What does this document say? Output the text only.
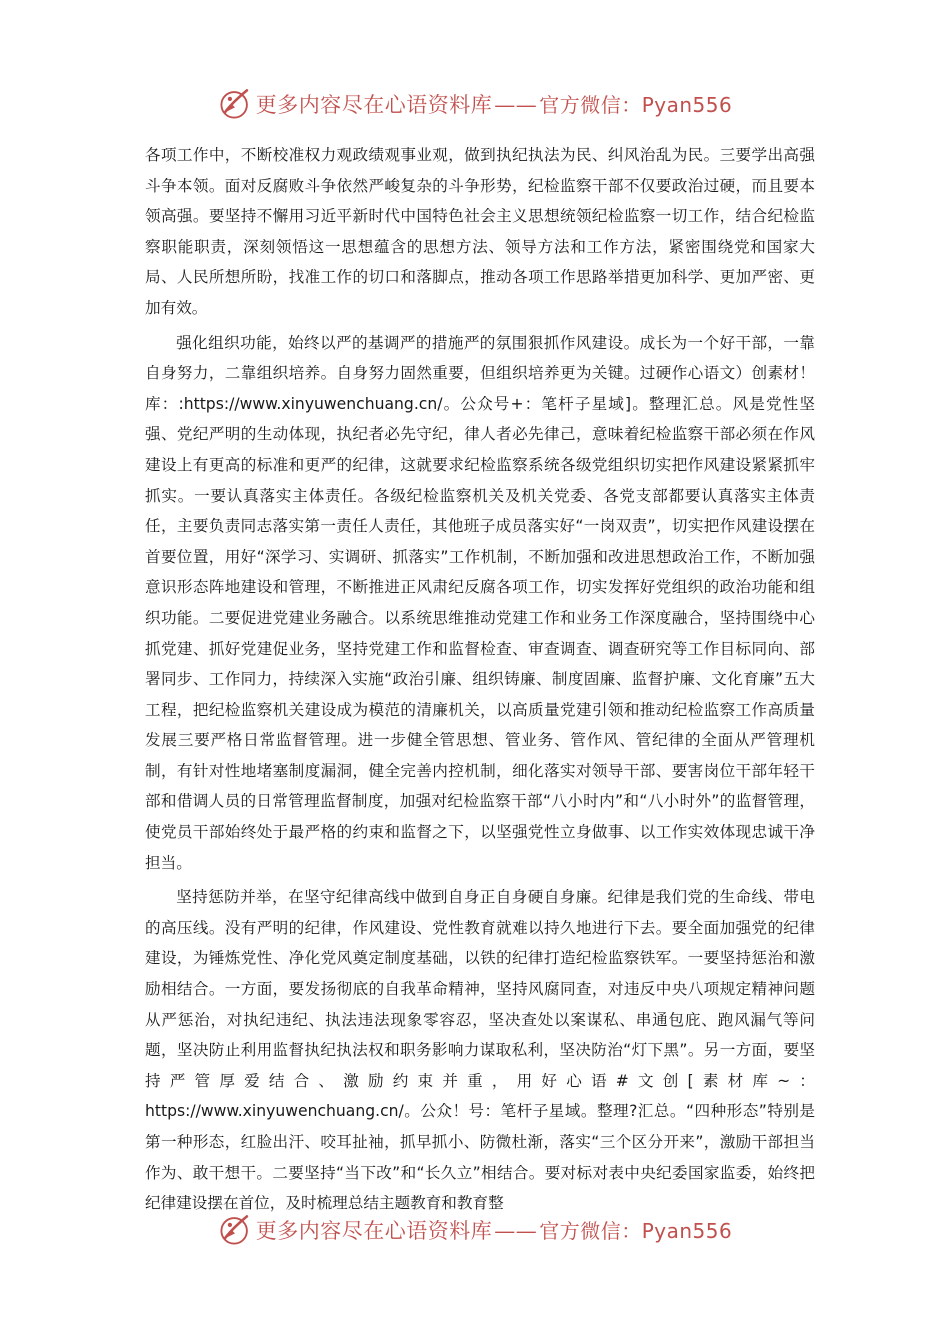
更多内容尽在心语资料库—— 官方微信：Pyan556

各项工作中，不断校准权力观政绩观事业观，做到执纪执法为民、纠风治乱为民。三要学出高强斗争本领。面对反腐败斗争依然严峻复杂的斗争形势，纪检监察干部不仅要政治过硬，而且要本领高强。要坚持不懈用习近平新时代中国特色社会主义思想统领纪检监察一切工作，结合纪检监察职能职责，深刻领悟这一思想蕴含的思想方法、领导方法和工作方法，紧密围绕党和国家大局、人民所想所盼，找准工作的切口和落脚点，推动各项工作思路举措更加科学、更加严密、更加有效。

强化组织功能，始终以严的基调严的措施严的氛围狠抓作风建设。成长为一个好干部，一靠自身努力，二靠组织培养。自身努力固然重要，但组织培养更为关键。过硬作心语文）创素材！库：:https://www.xinyuwenchuang.cn/。公众号+：笔杆子星域]。整理汇总。风是党性坚强、党纪严明的生动体现，执纪者必先守纪，律人者必先律己，意味着纪检监察干部必须在作风建设上有更高的标准和更严的纪律，这就要求纪检监察系统各级党组织切实把作风建设紧紧抓牢抓实。一要认真落实主体责任。各级纪检监察机关及机关党委、各党支部都要认真落实主体责任，主要负责同志落实第一责任人责任，其他班子成员落实好“一岗双责”，切实把作风建设摆在首要位置，用好“深学习、实调研、抓落实”工作机制，不断加强和改进思想政治工作，不断加强意识形态阵地建设和管理，不断推进正风肃纪反腐各项工作，切实发挥好党组织的政治功能和组织功能。二要促进党建业务融合。以系统思维推动党建工作和业务工作深度融合，坚持围绕中心抓党建、抓好党建促业务，坚持党建工作和监督检查、审查调查、调查研究等工作目标同向、部署同步、工作同力，持续深入实施“政治引廉、组织铸廉、制度固廉、监督护廉、文化育廉”五大工程，把纪检监察机关建设成为模范的清廉机关，以高质量党建引领和推动纪检监察工作高质量发展三要严格日常监督管理。进一步健全管思想、管业务、管作风、管纪律的全面从严管理机制，有针对性地堵塞制度漏洞，健全完善内控机制，细化落实对领导干部、要害岗位干部年轻干部和借调人员的日常管理监督制度，加强对纪检监察干部“八小时内”和“八小时外”的监督管理，使党员干部始终处于最严格的约束和监督之下，以坚强党性立身做事、以工作实效体现忠诚干净担当。

坚持惩防并举，在坚守纪律高线中做到自身正自身硬自身廉。纪律是我们党的生命线、带电的高压线。没有严明的纪律，作风建设、党性教育就难以持久地进行下去。要全面加强党的纪律建设，为锤炼党性、净化党风奠定制度基础，以铁的纪律打造纪检监察铁军。一要坚持惩治和激励相结合。一方面，要发扬彻底的自我革命精神，坚持风腐同查，对违反中央八项规定精神问题从严惩治，对执纪违纪、执法违法现象零容忍，坚决查处以案谋私、串通包庇、跑风漏气等问题，坚决防止利用监督执纪执法权和职务影响力谋取私利，坚决防治“灯下黑”。另一方面，要坚持严管厚爱结合、激励约束并重，用好心语#文创[素材库~：https://www.xinyuwenchuang.cn/。公众！号：笔杆子星域。整理?汇总。“四种形态”特别是第一种形态，红脸出汗、咬耳扯袖，抓早抓小、防微杜渐，落实“三个区分开来”，激励干部担当作为、敢干想干。二要坚持“当下改”和“长久立”相结合。要对标对表中央纪委国家监委，始终把纪律建设摆在首位，及时梳理总结主题教育和教育整

更多内容尽在心语资料库—— 官方微信：Pyan556
